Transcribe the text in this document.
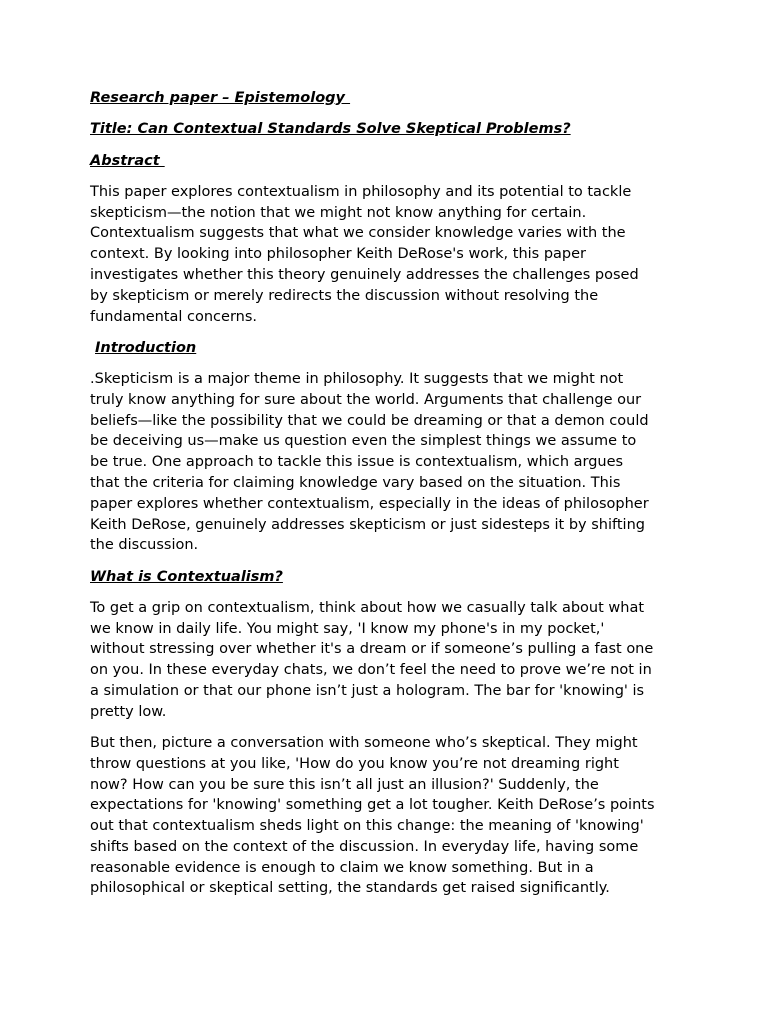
Research paper – Epistemology
Title: Can Contextual Standards Solve Skeptical Problems?
Abstract
This paper explores contextualism in philosophy and its potential to tackle
skepticism—the notion that we might not know anything for certain.
Contextualism suggests that what we consider knowledge varies with the
context. By looking into philosopher Keith DeRose's work, this paper
investigates whether this theory genuinely addresses the challenges posed
by skepticism or merely redirects the discussion without resolving the
fundamental concerns.
Introduction
.Skepticism is a major theme in philosophy. It suggests that we might not
truly know anything for sure about the world. Arguments that challenge our
beliefs—like the possibility that we could be dreaming or that a demon could
be deceiving us—make us question even the simplest things we assume to
be true. One approach to tackle this issue is contextualism, which argues
that the criteria for claiming knowledge vary based on the situation. This
paper explores whether contextualism, especially in the ideas of philosopher
Keith DeRose, genuinely addresses skepticism or just sidesteps it by shifting
the discussion.
What is Contextualism?
To get a grip on contextualism, think about how we casually talk about what
we know in daily life. You might say, 'I know my phone's in my pocket,'
without stressing over whether it's a dream or if someone’s pulling a fast one
on you. In these everyday chats, we don’t feel the need to prove we’re not in
a simulation or that our phone isn’t just a hologram. The bar for 'knowing' is
pretty low.
But then, picture a conversation with someone who’s skeptical. They might
throw questions at you like, 'How do you know you’re not dreaming right
now? How can you be sure this isn’t all just an illusion?' Suddenly, the
expectations for 'knowing' something get a lot tougher. Keith DeRose’s points
out that contextualism sheds light on this change: the meaning of 'knowing'
shifts based on the context of the discussion. In everyday life, having some
reasonable evidence is enough to claim we know something. But in a
philosophical or skeptical setting, the standards get raised significantly.
